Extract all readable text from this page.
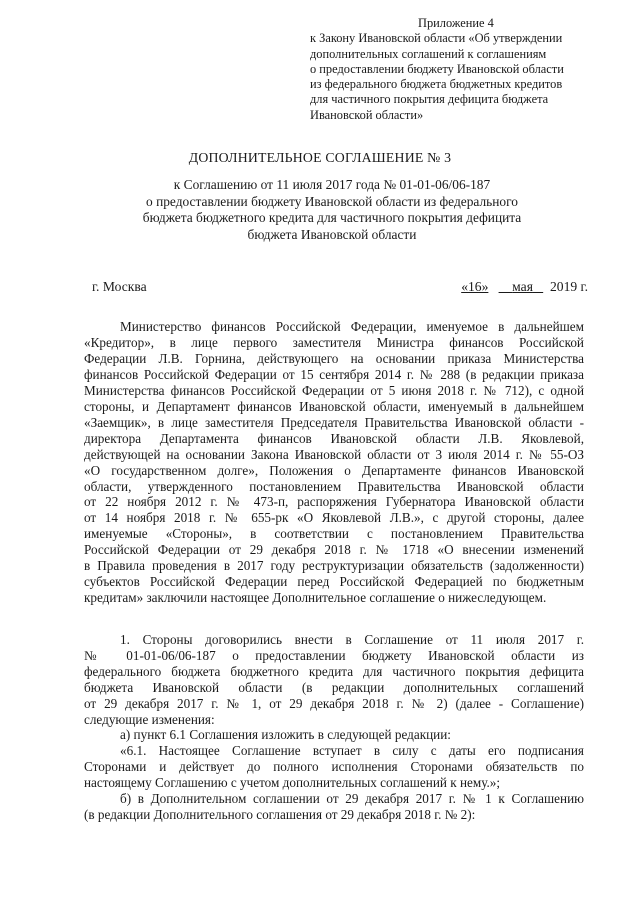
Приложение 4
к Закону Ивановской области «Об утверждении
дополнительных соглашений к соглашениям
о предоставлении бюджету Ивановской области
из федерального бюджета бюджетных кредитов
для частичного покрытия дефицита бюджета
Ивановской области»
ДОПОЛНИТЕЛЬНОЕ СОГЛАШЕНИЕ № 3
к Соглашению от 11 июля 2017 года № 01-01-06/06-187
о предоставлении бюджету Ивановской области из федерального
бюджета бюджетного кредита для частичного покрытия дефицита
бюджета Ивановской области
г. Москва	«16» мая 2019 г.
Министерство финансов Российской Федерации, именуемое в дальнейшем
«Кредитор», в лице первого заместителя Министра финансов Российской
Федерации Л.В. Горнина, действующего на основании приказа Министерства
финансов Российской Федерации от 15 сентября 2014 г. № 288 (в редакции приказа
Министерства финансов Российской Федерации от 5 июня 2018 г. № 712), с одной
стороны, и Департамент финансов Ивановской области, именуемый в дальнейшем
«Заемщик», в лице заместителя Председателя Правительства Ивановской области -
директора Департамента финансов Ивановской области Л.В. Яковлевой,
действующей на основании Закона Ивановской области от 3 июля 2014 г. № 55-ОЗ
«О государственном долге», Положения о Департаменте финансов Ивановской
области, утвержденного постановлением Правительства Ивановской области
от 22 ноября 2012 г. № 473-п, распоряжения Губернатора Ивановской области
от 14 ноября 2018 г. № 655-рк «О Яковлевой Л.В.», с другой стороны, далее
именуемые «Стороны», в соответствии с постановлением Правительства
Российской Федерации от 29 декабря 2018 г. № 1718 «О внесении изменений
в Правила проведения в 2017 году реструктуризации обязательств (задолженности)
субъектов Российской Федерации перед Российской Федерацией по бюджетным
кредитам» заключили настоящее Дополнительное соглашение о нижеследующем.
1. Стороны договорились внести в Соглашение от 11 июля 2017 г.
№ 01-01-06/06-187 о предоставлении бюджету Ивановской области из
федерального бюджета бюджетного кредита для частичного покрытия дефицита
бюджета Ивановской области (в редакции дополнительных соглашений
от 29 декабря 2017 г. № 1, от 29 декабря 2018 г. № 2) (далее - Соглашение)
следующие изменения:
а) пункт 6.1 Соглашения изложить в следующей редакции:
«6.1. Настоящее Соглашение вступает в силу с даты его подписания
Сторонами и действует до полного исполнения Сторонами обязательств по
настоящему Соглашению с учетом дополнительных соглашений к нему.»;
б) в Дополнительном соглашении от 29 декабря 2017 г. № 1 к Соглашению
(в редакции Дополнительного соглашения от 29 декабря 2018 г. № 2):
